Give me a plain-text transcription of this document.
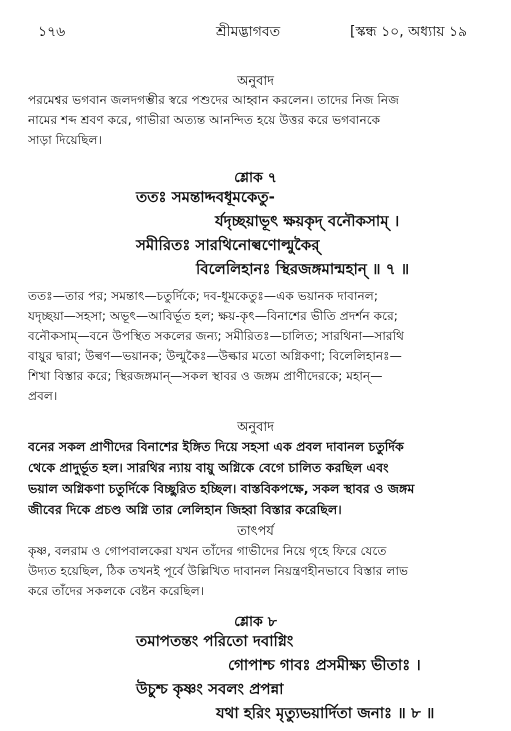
১৭৬	শ্রীমদ্ভাগবত	[স্কন্ধ ১০, অধ্যায় ১৯
অনুবাদ
পরমেশ্বর ভগবান জলদগম্ভীর স্বরে পশুদের আহ্বান করলেন। তাদের নিজ নিজ
নামের শব্দ শ্রবণ করে, গাভীরা অত্যন্ত আনন্দিত হয়ে উত্তর করে ভগবানকে
সাড়া দিয়েছিল।
শ্লোক ৭
ততঃ সমন্তাদ্দবধূমকেতু-
র্যদৃচ্ছয়াভূৎ ক্ষয়কৃদ্ বনৌকসাম্ ।
সমীরিতঃ সারথিনোল্বণোল্মুকৈর্
বিলেলিহানঃ স্থিরজঙ্গমান্মহান্ ॥ ৭ ॥
ততঃ—তার পর; সমন্তাৎ—চতুর্দিকে; দব-ধূমকেতুঃ—এক ভয়ানক দাবানল;
যদৃচ্ছয়া—সহসা; অভূৎ—আবির্ভূত হল; ক্ষয়-কৃৎ—বিনাশের ভীতি প্রদর্শন করে;
বনৌকসাম্—বনে উপস্থিত সকলের জন্য; সমীরিতঃ—চালিত; সারথিনা—সারথি
বায়ুর দ্বারা; উল্বণ—ভয়ানক; উল্মুকৈঃ—উল্কার মতো অগ্নিকণা; বিলেলিহানঃ—
শিখা বিস্তার করে; স্থিরজঙ্গমান্—সকল স্থাবর ও জঙ্গম প্রাণীদেরকে; মহান্—
প্রবল।
অনুবাদ
বনের সকল প্রাণীদের বিনাশের ইঙ্গিত দিয়ে সহসা এক প্রবল দাবানল চতুর্দিক
থেকে প্রাদুর্ভূত হল। সারথির ন্যায় বায়ু অগ্নিকে বেগে চালিত করছিল এবং
ভয়াল অগ্নিকণা চতুর্দিকে বিচ্ছুরিত হচ্ছিল। বাস্তবিকপক্ষে, সকল স্থাবর ও জঙ্গম
জীবের দিকে প্রচণ্ড অগ্নি তার লেলিহান জিহ্বা বিস্তার করেছিল।
তাৎপর্য
কৃষ্ণ, বলরাম ও গোপবালকেরা যখন তাঁদের গাভীদের নিয়ে গৃহে ফিরে যেতে
উদ্যত হয়েছিল, ঠিক তখনই পূর্বে উল্লিখিত দাবানল নিয়ন্ত্রণহীনভাবে বিস্তার লাভ
করে তাঁদের সকলকে বেষ্টন করেছিল।
শ্লোক ৮
তমাপতন্তং পরিতো দবাগ্নিং
গোপাশ্চ গাবঃ প্রসমীক্ষ্য ভীতাঃ ।
উচুশ্চ কৃষ্ণং সবলং প্রপন্না
যথা হরিং মৃত্যুভয়ার্দিতা জনাঃ ॥ ৮ ॥
